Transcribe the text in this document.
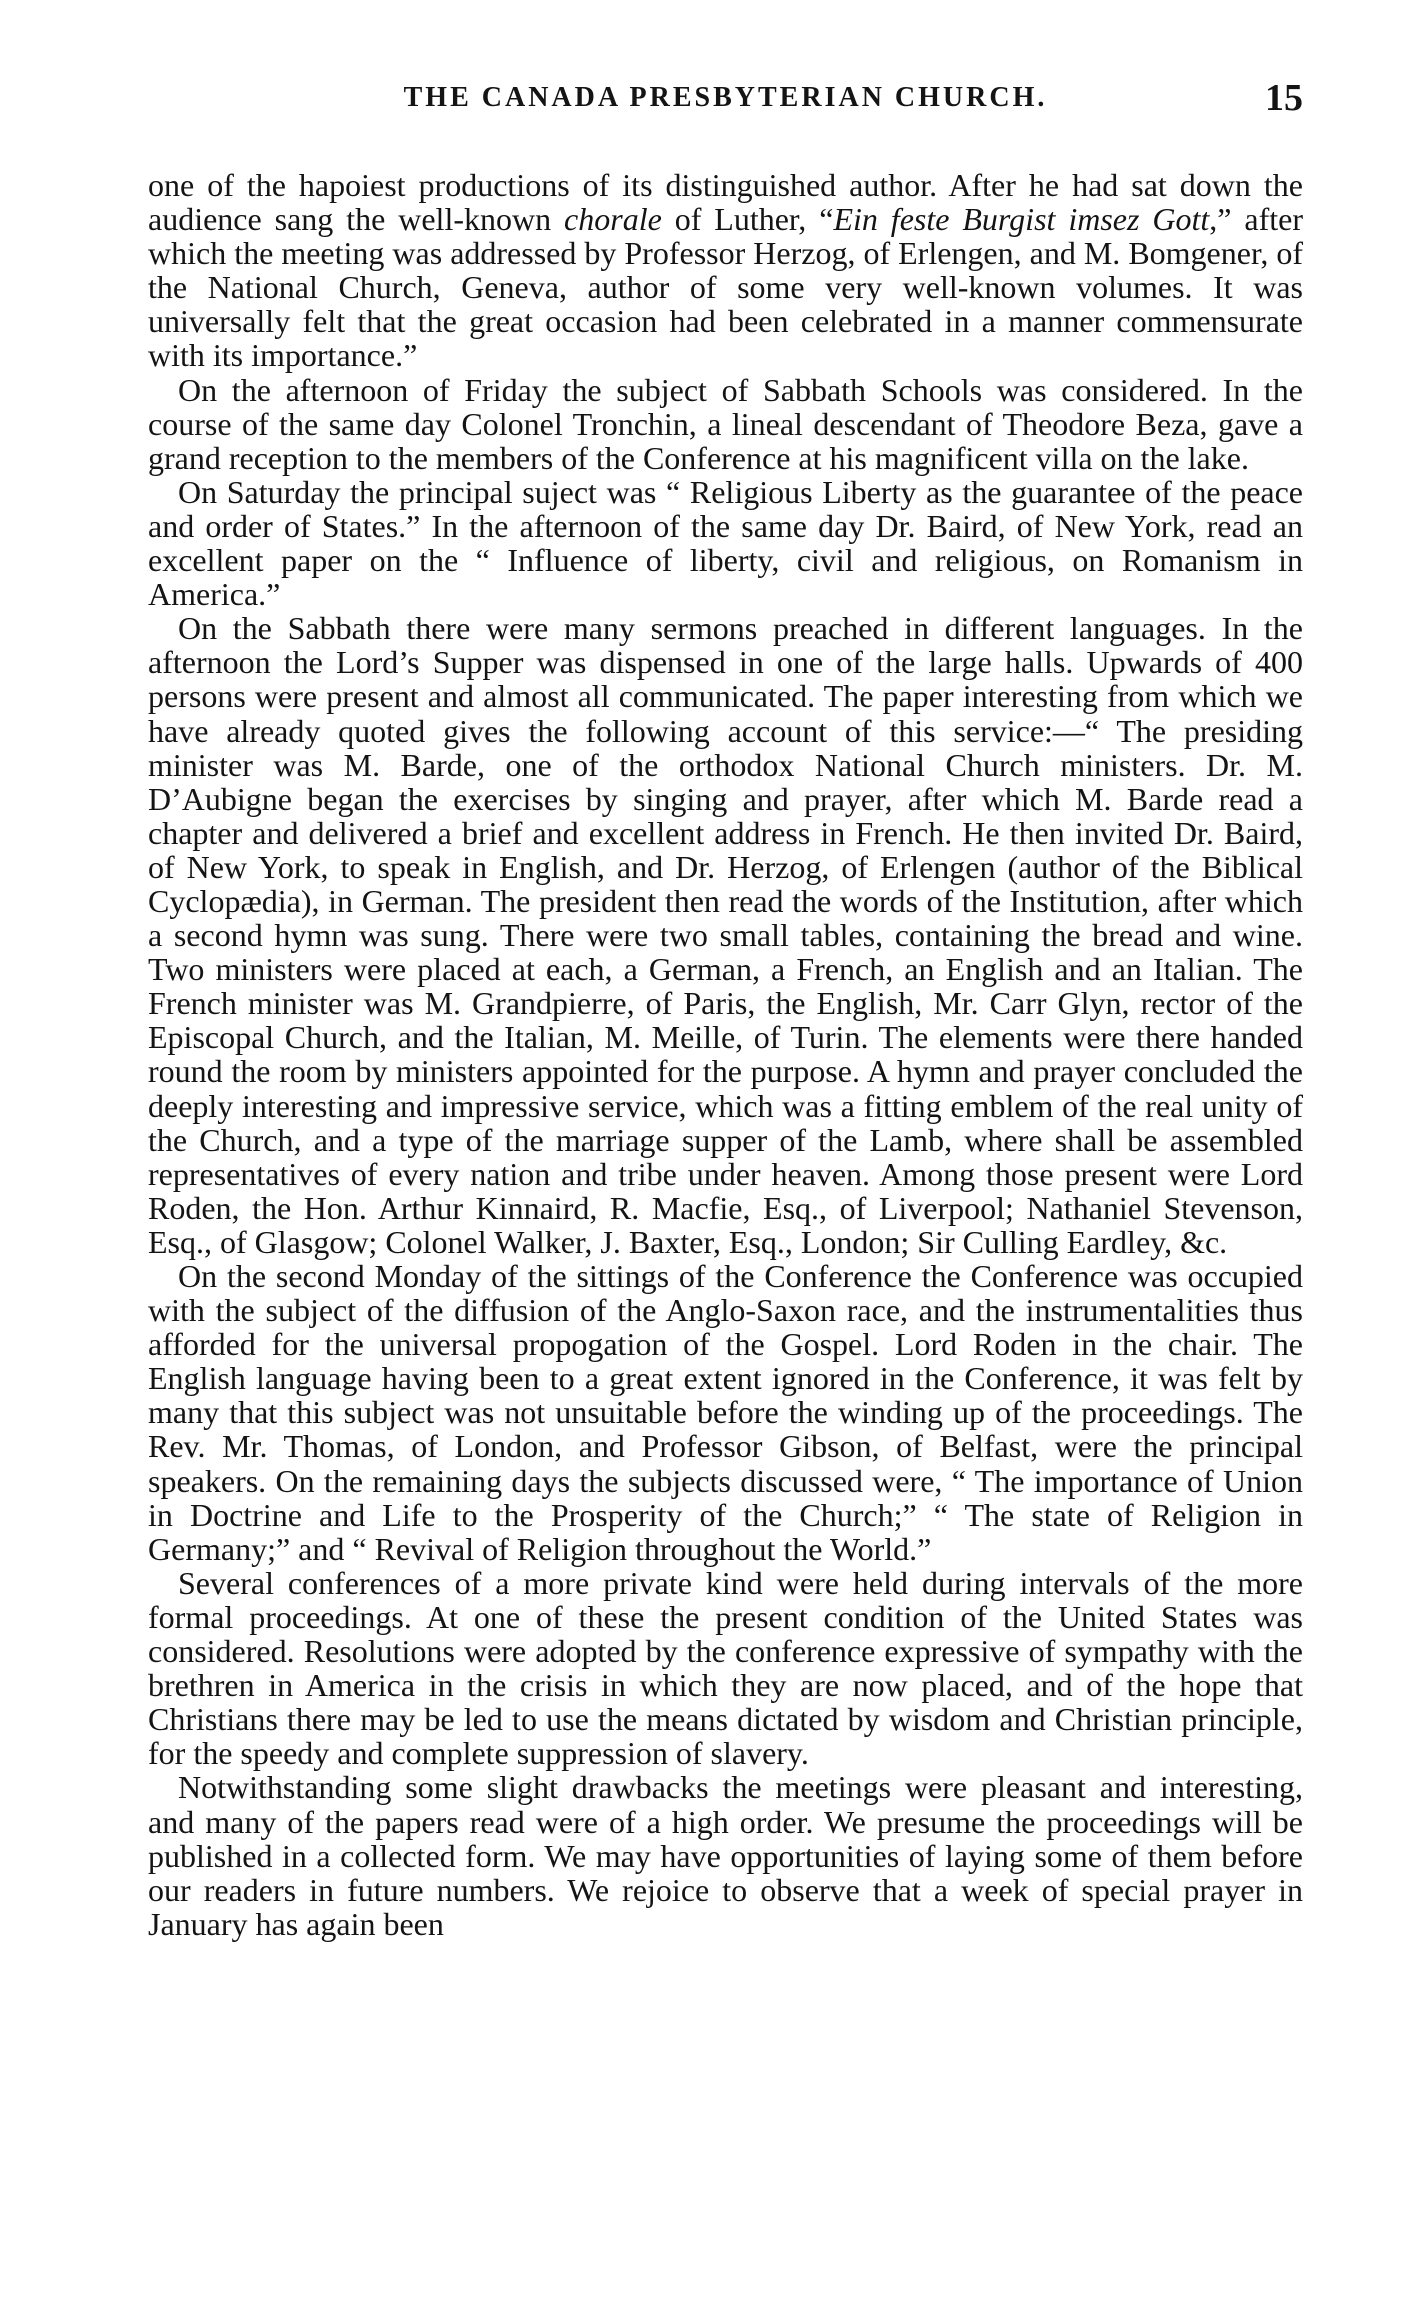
THE CANADA PRESBYTERIAN CHURCH.	15

one of the hapoiest productions of its distinguished author. After he had sat down the audience sang the well-known chorale of Luther, “Ein feste Burgist imsez Gott,” after which the meeting was addressed by Professor Herzog, of Erlengen, and M. Bomgener, of the National Church, Geneva, author of some very well-known volumes. It was universally felt that the great occasion had been celebrated in a manner commensurate with its importance.”

On the afternoon of Friday the subject of Sabbath Schools was considered. In the course of the same day Colonel Tronchin, a lineal descendant of Theodore Beza, gave a grand reception to the members of the Conference at his magnificent villa on the lake.

On Saturday the principal suject was “ Religious Liberty as the guarantee of the peace and order of States.” In the afternoon of the same day Dr. Baird, of New York, read an excellent paper on the “ Influence of liberty, civil and religious, on Romanism in America.”

On the Sabbath there were many sermons preached in different languages. In the afternoon the Lord’s Supper was dispensed in one of the large halls. Upwards of 400 persons were present and almost all communicated. The paper interesting from which we have already quoted gives the following account of this service:—“ The presiding minister was M. Barde, one of the orthodox National Church ministers. Dr. M. D’Aubigne began the exercises by singing and prayer, after which M. Barde read a chapter and delivered a brief and excellent address in French. He then invited Dr. Baird, of New York, to speak in English, and Dr. Herzog, of Erlengen (author of the Biblical Cyclopædia), in German. The president then read the words of the Institution, after which a second hymn was sung. There were two small tables, containing the bread and wine. Two ministers were placed at each, a German, a French, an English and an Italian. The French minister was M. Grandpierre, of Paris, the English, Mr. Carr Glyn, rector of the Episcopal Church, and the Italian, M. Meille, of Turin. The elements were there handed round the room by ministers appointed for the purpose. A hymn and prayer concluded the deeply interesting and impressive service, which was a fitting emblem of the real unity of the Church, and a type of the marriage supper of the Lamb, where shall be assembled representatives of every nation and tribe under heaven. Among those present were Lord Roden, the Hon. Arthur Kinnaird, R. Macfie, Esq., of Liverpool; Nathaniel Stevenson, Esq., of Glasgow; Colonel Walker, J. Baxter, Esq., London; Sir Culling Eardley, &c.

On the second Monday of the sittings of the Conference the Conference was occupied with the subject of the diffusion of the Anglo-Saxon race, and the instrumentalities thus afforded for the universal propogation of the Gospel. Lord Roden in the chair. The English language having been to a great extent ignored in the Conference, it was felt by many that this subject was not unsuitable before the winding up of the proceedings. The Rev. Mr. Thomas, of London, and Professor Gibson, of Belfast, were the principal speakers. On the remaining days the subjects discussed were, “ The importance of Union in Doctrine and Life to the Prosperity of the Church;” “ The state of Religion in Germany;” and “ Revival of Religion throughout the World.”

Several conferences of a more private kind were held during intervals of the more formal proceedings. At one of these the present condition of the United States was considered. Resolutions were adopted by the conference expressive of sympathy with the brethren in America in the crisis in which they are now placed, and of the hope that Christians there may be led to use the means dictated by wisdom and Christian principle, for the speedy and complete suppression of slavery.

Notwithstanding some slight drawbacks the meetings were pleasant and interesting, and many of the papers read were of a high order. We presume the proceedings will be published in a collected form. We may have opportunities of laying some of them before our readers in future numbers. We rejoice to observe that a week of special prayer in January has again been
